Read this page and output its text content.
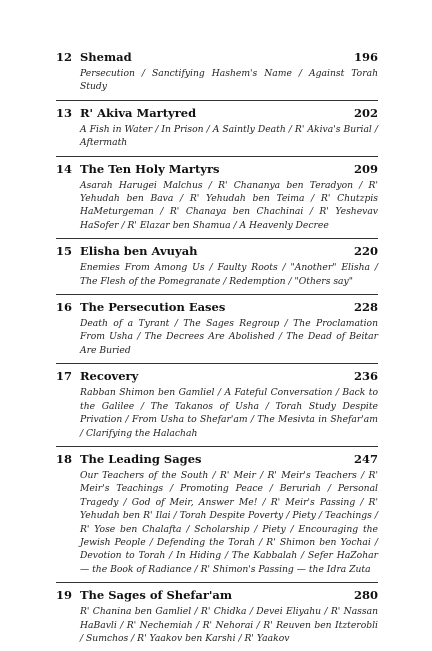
12 Shemad	196
Persecution / Sanctifying Hashem's Name / Against Torah Study
13 R' Akiva Martyred	202
A Fish in Water / In Prison / A Saintly Death / R' Akiva's Burial / Aftermath
14 The Ten Holy Martyrs	209
Asarah Harugei Malchus / R' Chananya ben Teradyon / R' Yehudah ben Bava / R' Yehudah ben Teima / R' Chutzpis HaMeturgeman / R' Chanaya ben Chachinai / R' Yeshevav HaSofer / R' Elazar ben Shamua / A Heavenly Decree
15 Elisha ben Avuyah	220
Enemies From Among Us / Faulty Roots / "Another" Elisha / The Flesh of the Pomegranate / Redemption / "Others say"
16 The Persecution Eases	228
Death of a Tyrant / The Sages Regroup / The Proclamation From Usha / The Decrees Are Abolished / The Dead of Beitar Are Buried
17 Recovery	236
Rabban Shimon ben Gamliel / A Fateful Conversation / Back to the Galilee / The Takanos of Usha / Torah Study Despite Privation / From Usha to Shefar'am / The Mesivta in Shefar'am / Clarifying the Halachah
18 The Leading Sages	247
Our Teachers of the South / R' Meir / R' Meir's Teachers / R' Meir's Teachings / Promoting Peace / Beruriah / Personal Tragedy / God of Meir, Answer Me! / R' Meir's Passing / R' Yehudah ben R' Ilai / Torah Despite Poverty / Piety / Teachings / R' Yose ben Chalafta / Scholarship / Piety / Encouraging the Jewish People / Defending the Torah / R' Shimon ben Yochai / Devotion to Torah / In Hiding / The Kabbalah / Sefer HaZohar — the Book of Radiance / R' Shimon's Passing — the Idra Zuta
19 The Sages of Shefar'am	280
R' Chanina ben Gamliel / R' Chidka / Devei Eliyahu / R' Nassan HaBavli / R' Nechemiah / R' Nehorai / R' Reuven ben Itzterobli / Sumchos / R' Yaakov ben Karshi / R' Yaakov
